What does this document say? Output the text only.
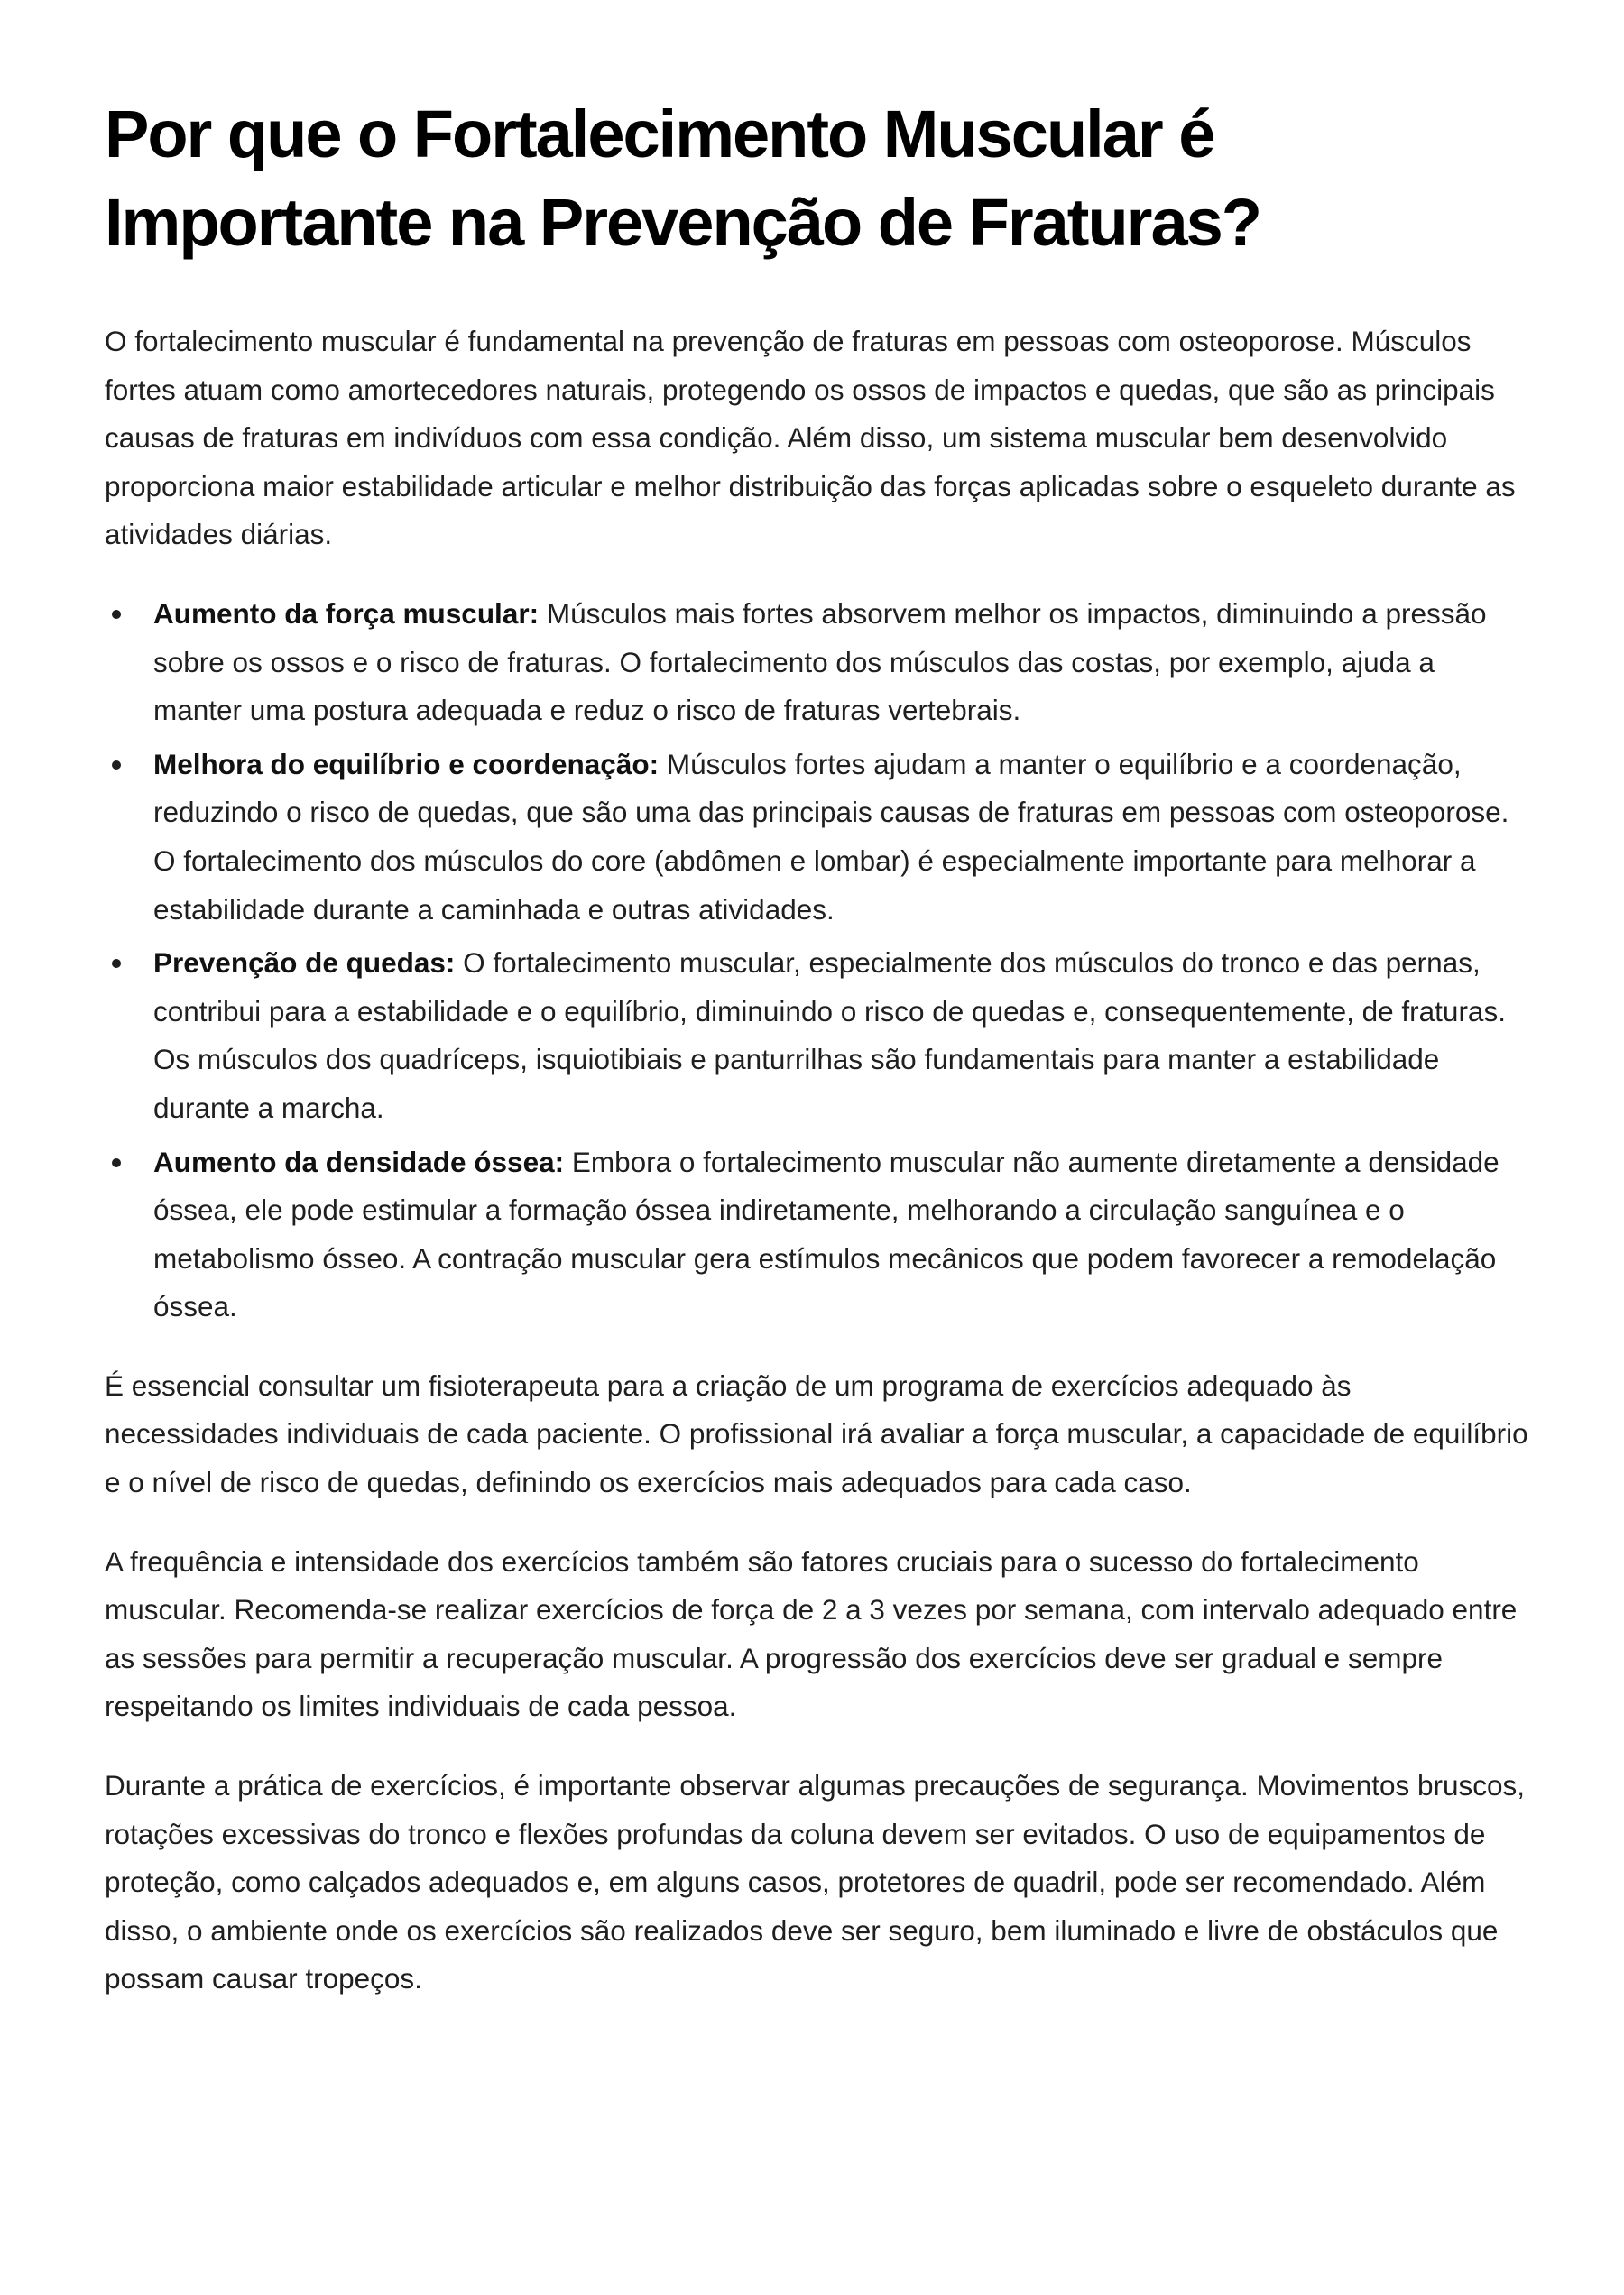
Por que o Fortalecimento Muscular é Importante na Prevenção de Fraturas?

O fortalecimento muscular é fundamental na prevenção de fraturas em pessoas com osteoporose. Músculos fortes atuam como amortecedores naturais, protegendo os ossos de impactos e quedas, que são as principais causas de fraturas em indivíduos com essa condição. Além disso, um sistema muscular bem desenvolvido proporciona maior estabilidade articular e melhor distribuição das forças aplicadas sobre o esqueleto durante as atividades diárias.

Aumento da força muscular: Músculos mais fortes absorvem melhor os impactos, diminuindo a pressão sobre os ossos e o risco de fraturas. O fortalecimento dos músculos das costas, por exemplo, ajuda a manter uma postura adequada e reduz o risco de fraturas vertebrais.
Melhora do equilíbrio e coordenação: Músculos fortes ajudam a manter o equilíbrio e a coordenação, reduzindo o risco de quedas, que são uma das principais causas de fraturas em pessoas com osteoporose. O fortalecimento dos músculos do core (abdômen e lombar) é especialmente importante para melhorar a estabilidade durante a caminhada e outras atividades.
Prevenção de quedas: O fortalecimento muscular, especialmente dos músculos do tronco e das pernas, contribui para a estabilidade e o equilíbrio, diminuindo o risco de quedas e, consequentemente, de fraturas. Os músculos dos quadríceps, isquiotibiais e panturrilhas são fundamentais para manter a estabilidade durante a marcha.
Aumento da densidade óssea: Embora o fortalecimento muscular não aumente diretamente a densidade óssea, ele pode estimular a formação óssea indiretamente, melhorando a circulação sanguínea e o metabolismo ósseo. A contração muscular gera estímulos mecânicos que podem favorecer a remodelação óssea.

É essencial consultar um fisioterapeuta para a criação de um programa de exercícios adequado às necessidades individuais de cada paciente. O profissional irá avaliar a força muscular, a capacidade de equilíbrio e o nível de risco de quedas, definindo os exercícios mais adequados para cada caso.

A frequência e intensidade dos exercícios também são fatores cruciais para o sucesso do fortalecimento muscular. Recomenda-se realizar exercícios de força de 2 a 3 vezes por semana, com intervalo adequado entre as sessões para permitir a recuperação muscular. A progressão dos exercícios deve ser gradual e sempre respeitando os limites individuais de cada pessoa.

Durante a prática de exercícios, é importante observar algumas precauções de segurança. Movimentos bruscos, rotações excessivas do tronco e flexões profundas da coluna devem ser evitados. O uso de equipamentos de proteção, como calçados adequados e, em alguns casos, protetores de quadril, pode ser recomendado. Além disso, o ambiente onde os exercícios são realizados deve ser seguro, bem iluminado e livre de obstáculos que possam causar tropeços.
